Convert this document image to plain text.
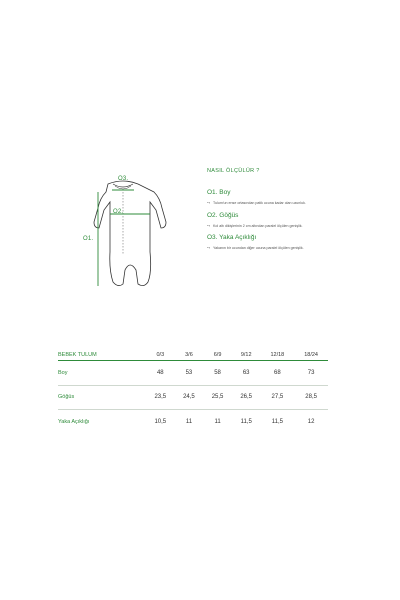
O3.
O2.
O1.
NASIL ÖLÇÜLÜR ?
O1. Boy
↪ Tulum'un ense ortasından patik ucuna kadar olan uzunluk.
O2. Göğüs
↪ Kol altı dikişlerinin 2 cm altından paralel ölçülen genişlik.
O3. Yaka Açıklığı
↪ Yakanın bir ucundan diğer ucuna paralel ölçülen genişlik.
BEBEK TULUM	0/3	3/6	6/9	9/12	12/18	18/24
Boy	48	53	58	63	68	73

Göğüs	23,5	24,5	25,5	26,5	27,5	28,5

Yaka Açıklığı	10,5	11	11	11,5	11,5	12
